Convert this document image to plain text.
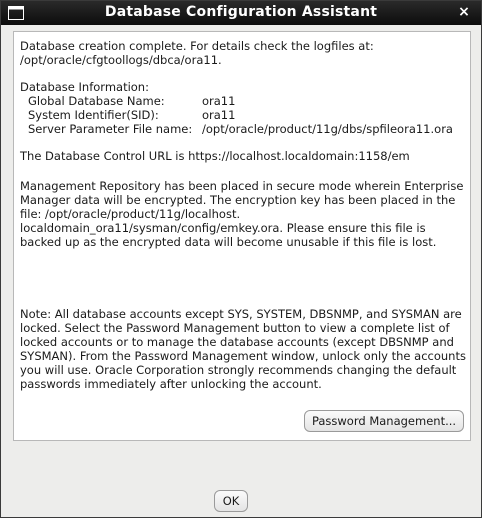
Database Configuration Assistant	×
Database creation complete. For details check the logfiles at:
/opt/oracle/cfgtoollogs/dbca/ora11.
Database Information:
Global Database Name:	ora11
System Identifier(SID):	ora11
Server Parameter File name: /opt/oracle/product/11g/dbs/spfileora11.ora
The Database Control URL is https://localhost.localdomain:1158/em
Management Repository has been placed in secure mode wherein Enterprise
Manager data will be encrypted. The encryption key has been placed in the
file: /opt/oracle/product/11g/localhost.
localdomain_ora11/sysman/config/emkey.ora. Please ensure this file is
backed up as the encrypted data will become unusable if this file is lost.
Note: All database accounts except SYS, SYSTEM, DBSNMP, and SYSMAN are
locked. Select the Password Management button to view a complete list of
locked accounts or to manage the database accounts (except DBSNMP and
SYSMAN). From the Password Management window, unlock only the accounts
you will use. Oracle Corporation strongly recommends changing the default
passwords immediately after unlocking the account.
Password Management...
OK
